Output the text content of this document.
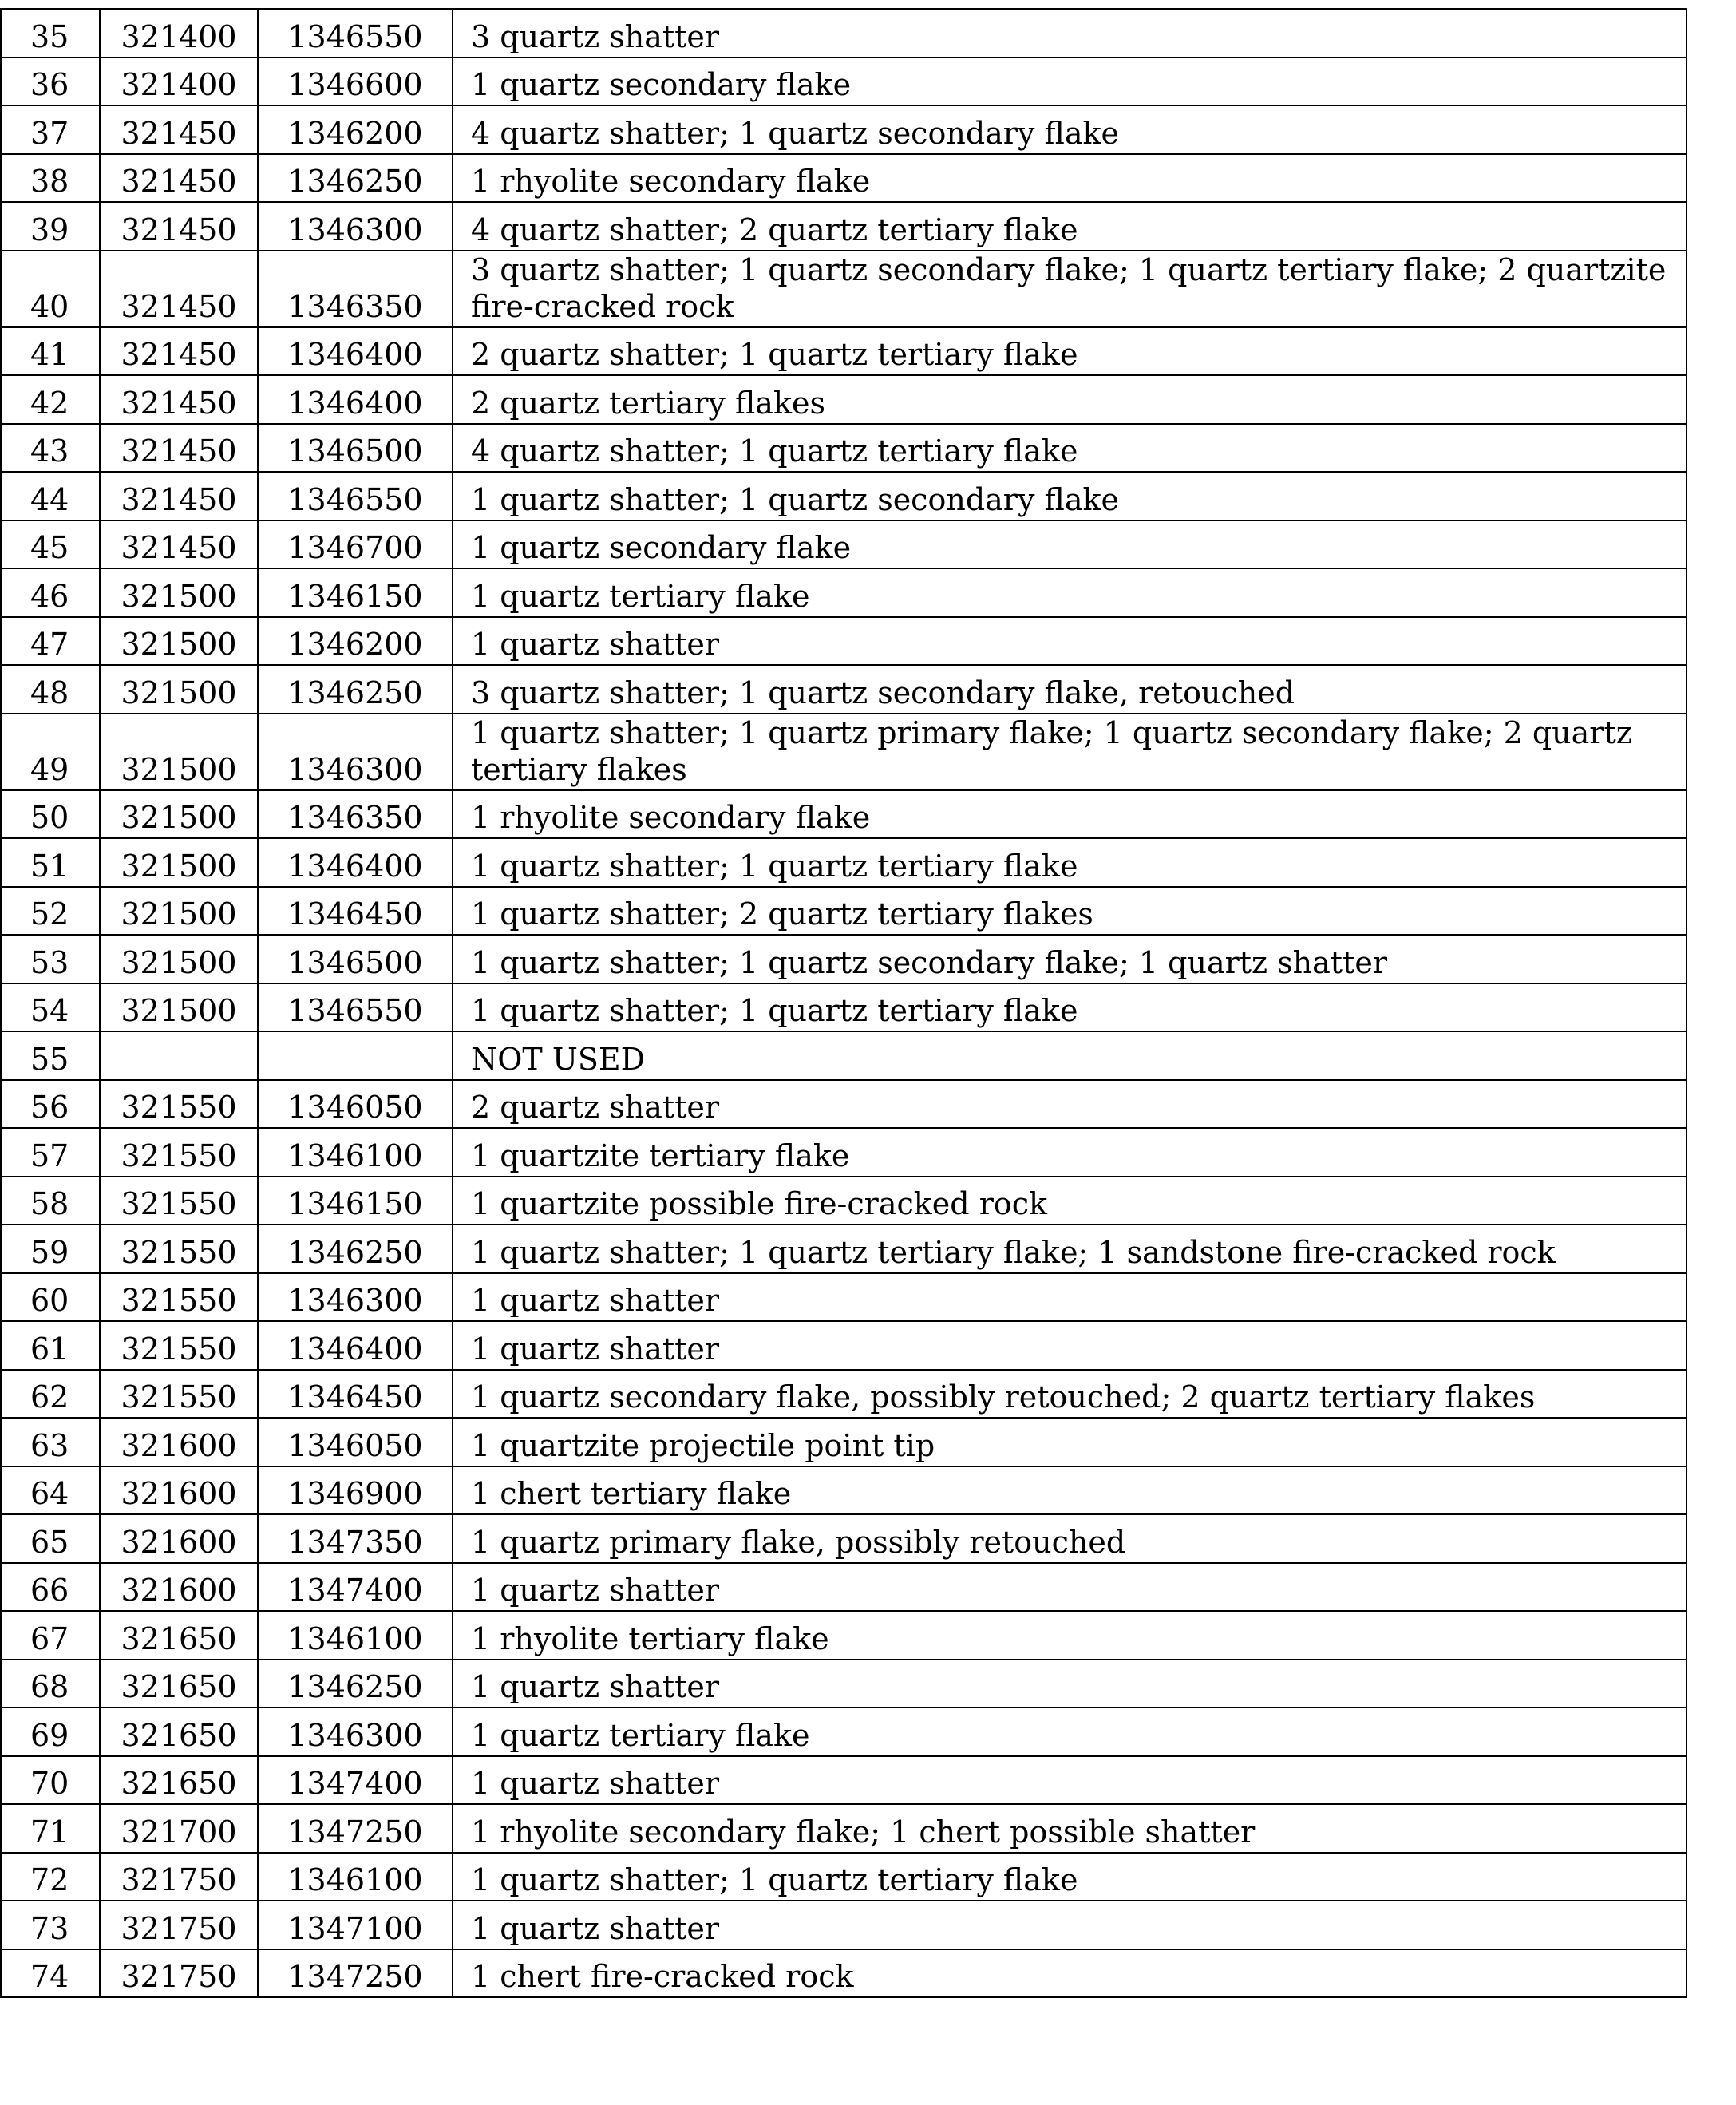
35	321400	1346550	3 quartz shatter
36	321400	1346600	1 quartz secondary flake
37	321450	1346200	4 quartz shatter; 1 quartz secondary flake
38	321450	1346250	1 rhyolite secondary flake
39	321450	1346300	4 quartz shatter; 2 quartz tertiary flake
40	321450	1346350	3 quartz shatter; 1 quartz secondary flake; 1 quartz tertiary flake; 2 quartzite fire-cracked rock
41	321450	1346400	2 quartz shatter; 1 quartz tertiary flake
42	321450	1346400	2 quartz tertiary flakes
43	321450	1346500	4 quartz shatter; 1 quartz tertiary flake
44	321450	1346550	1 quartz shatter; 1 quartz secondary flake
45	321450	1346700	1 quartz secondary flake
46	321500	1346150	1 quartz tertiary flake
47	321500	1346200	1 quartz shatter
48	321500	1346250	3 quartz shatter; 1 quartz secondary flake, retouched
49	321500	1346300	1 quartz shatter; 1 quartz primary flake; 1 quartz secondary flake; 2 quartz tertiary flakes
50	321500	1346350	1 rhyolite secondary flake
51	321500	1346400	1 quartz shatter; 1 quartz tertiary flake
52	321500	1346450	1 quartz shatter; 2 quartz tertiary flakes
53	321500	1346500	1 quartz shatter; 1 quartz secondary flake; 1 quartz shatter
54	321500	1346550	1 quartz shatter; 1 quartz tertiary flake
55			NOT USED
56	321550	1346050	2 quartz shatter
57	321550	1346100	1 quartzite tertiary flake
58	321550	1346150	1 quartzite possible fire-cracked rock
59	321550	1346250	1 quartz shatter; 1 quartz tertiary flake; 1 sandstone fire-cracked rock
60	321550	1346300	1 quartz shatter
61	321550	1346400	1 quartz shatter
62	321550	1346450	1 quartz secondary flake, possibly retouched; 2 quartz tertiary flakes
63	321600	1346050	1 quartzite projectile point tip
64	321600	1346900	1 chert tertiary flake
65	321600	1347350	1 quartz primary flake, possibly retouched
66	321600	1347400	1 quartz shatter
67	321650	1346100	1 rhyolite tertiary flake
68	321650	1346250	1 quartz shatter
69	321650	1346300	1 quartz tertiary flake
70	321650	1347400	1 quartz shatter
71	321700	1347250	1 rhyolite secondary flake; 1 chert possible shatter
72	321750	1346100	1 quartz shatter; 1 quartz tertiary flake
73	321750	1347100	1 quartz shatter
74	321750	1347250	1 chert fire-cracked rock
